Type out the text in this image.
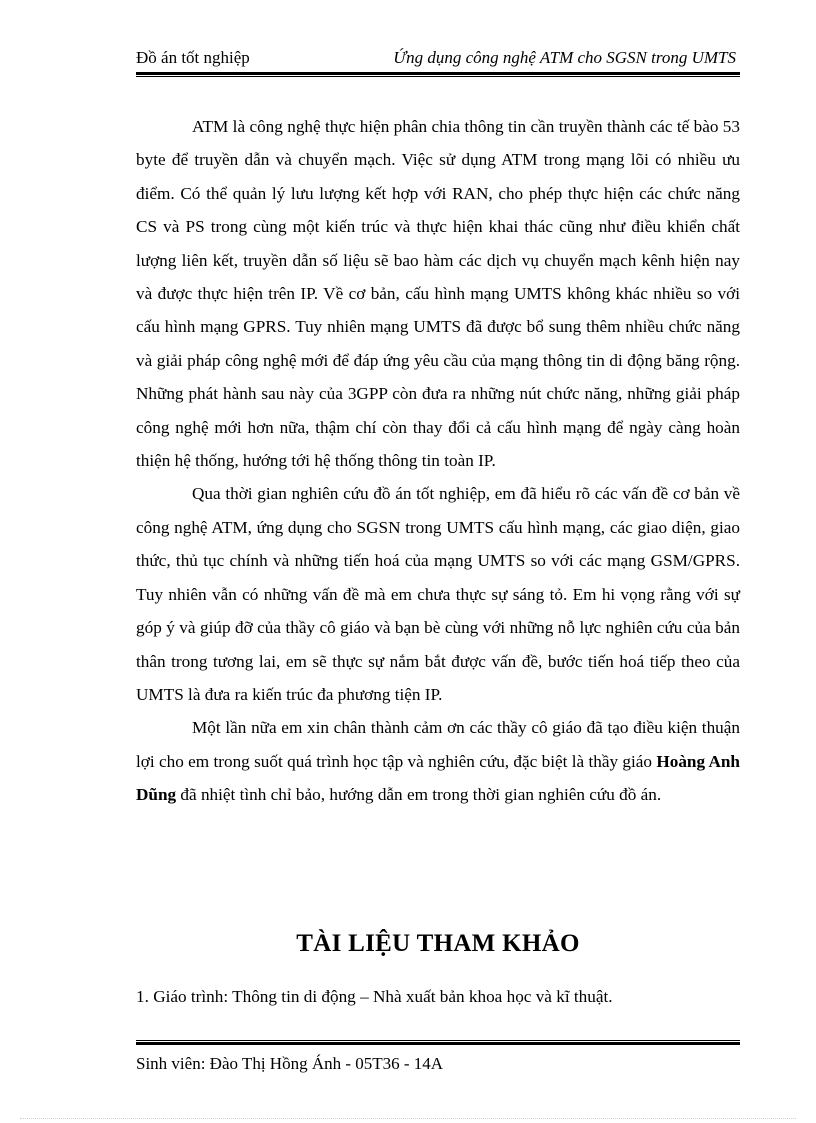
Đồ án tốt nghiệp	Ứng dụng công nghệ ATM cho SGSN trong UMTS

ATM là công nghệ thực hiện phân chia thông tin cần truyền thành các tế bào 53 byte để truyền dẫn và chuyển mạch. Việc sử dụng ATM trong mạng lõi có nhiều ưu điểm. Có thể quản lý lưu lượng kết hợp với RAN, cho phép thực hiện các chức năng CS và PS trong cùng một kiến trúc và thực hiện khai thác cũng như điều khiển chất lượng liên kết, truyền dẫn số liệu sẽ bao hàm các dịch vụ chuyển mạch kênh hiện nay và được thực hiện trên IP. Về cơ bản, cấu hình mạng UMTS không khác nhiều so với cấu hình mạng GPRS. Tuy nhiên mạng UMTS đã được bổ sung thêm nhiều chức năng và giải pháp công nghệ mới để đáp ứng yêu cầu của mạng thông tin di động băng rộng. Những phát hành sau này của 3GPP còn đưa ra những nút chức năng, những giải pháp công nghệ mới hơn nữa, thậm chí còn thay đổi cả cấu hình mạng để ngày càng hoàn thiện hệ thống, hướng tới hệ thống thông tin toàn IP.

Qua thời gian nghiên cứu đồ án tốt nghiệp, em đã hiểu rõ các vấn đề cơ bản về công nghệ ATM, ứng dụng cho SGSN trong UMTS cấu hình mạng, các giao diện, giao thức, thủ tục chính và những tiến hoá của mạng UMTS so với các mạng GSM/GPRS. Tuy nhiên vẫn có những vấn đề mà em chưa thực sự sáng tỏ. Em hi vọng rằng với sự góp ý và giúp đỡ của thầy cô giáo và bạn bè cùng với những nỗ lực nghiên cứu của bản thân trong tương lai, em sẽ thực sự nắm bắt được vấn đề, bước tiến hoá tiếp theo của UMTS là đưa ra kiến trúc đa phương tiện IP.

Một lần nữa em xin chân thành cảm ơn các thầy cô giáo đã tạo điều kiện thuận lợi cho em trong suốt quá trình học tập và nghiên cứu, đặc biệt là thầy giáo Hoàng Anh Dũng đã nhiệt tình chỉ bảo, hướng dẫn em trong thời gian nghiên cứu đồ án.

TÀI LIỆU THAM KHẢO
1. Giáo trình: Thông tin di động – Nhà xuất bản khoa học và kĩ thuật.
Sinh viên: Đào Thị Hồng Ánh - 05T36 - 14A
